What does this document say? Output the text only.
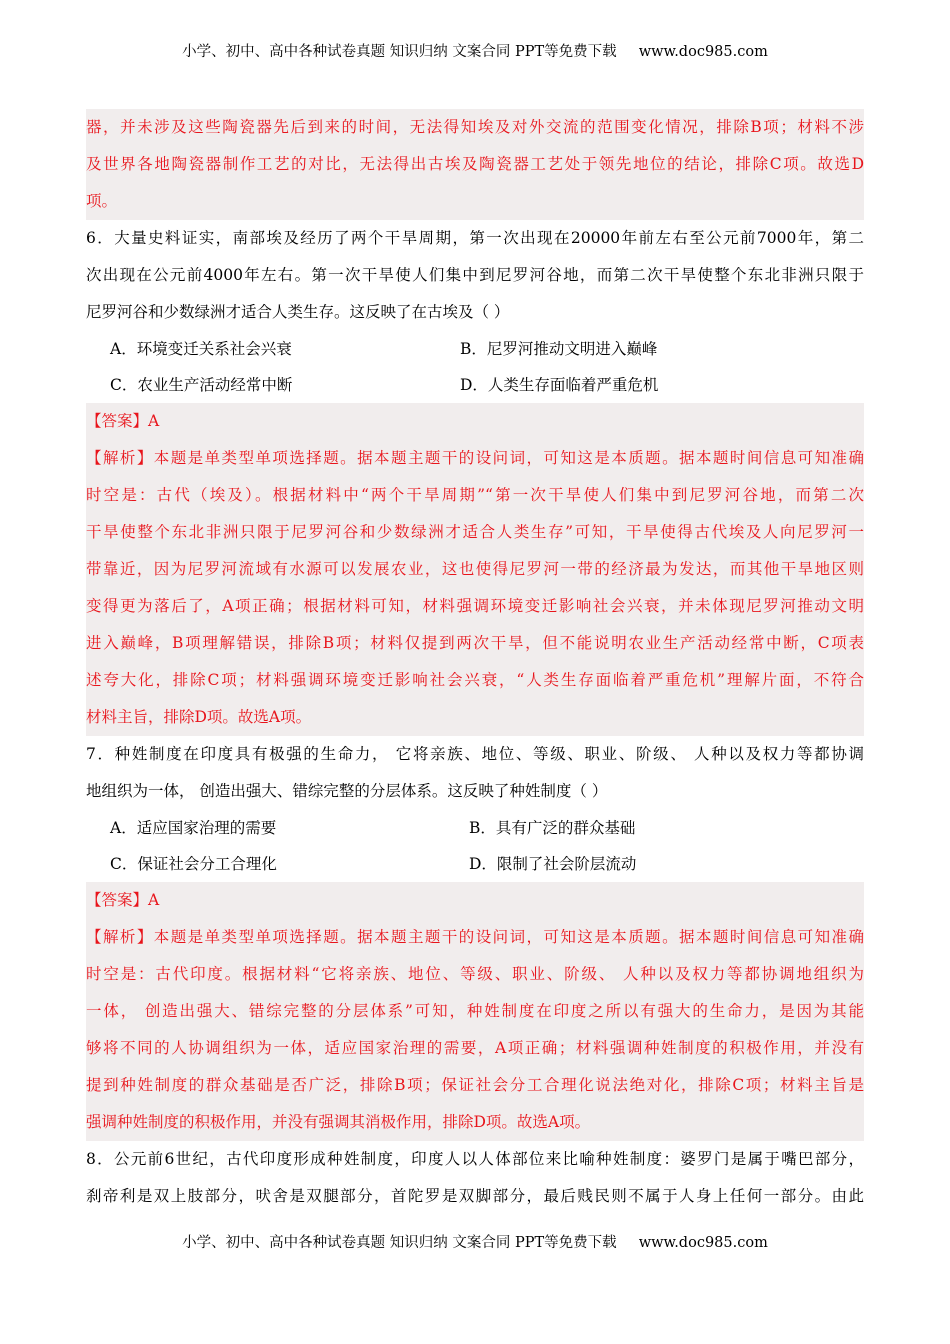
小学、初中、高中各种试卷真题 知识归纳 文案合同 PPT等免费下载 www.doc985.com
器，并未涉及这些陶瓷器先后到来的时间，无法得知埃及对外交流的范围变化情况，排除B项；材料不涉
及世界各地陶瓷器制作工艺的对比，无法得出古埃及陶瓷器工艺处于领先地位的结论，排除C项。故选D
项。
6．大量史料证实，南部埃及经历了两个干旱周期，第一次出现在20000年前左右至公元前7000年，第二
次出现在公元前4000年左右。第一次干旱使人们集中到尼罗河谷地，而第二次干旱使整个东北非洲只限于
尼罗河谷和少数绿洲才适合人类生存。这反映了在古埃及（ ）
A．环境变迁关系社会兴衰	B．尼罗河推动文明进入巅峰
C．农业生产活动经常中断	D．人类生存面临着严重危机
【答案】A
【解析】本题是单类型单项选择题。据本题主题干的设问词，可知这是本质题。据本题时间信息可知准确
时空是：古代（埃及）。根据材料中“两个干旱周期”“第一次干旱使人们集中到尼罗河谷地，而第二次
干旱使整个东北非洲只限于尼罗河谷和少数绿洲才适合人类生存”可知，干旱使得古代埃及人向尼罗河一
带靠近，因为尼罗河流域有水源可以发展农业，这也使得尼罗河一带的经济最为发达，而其他干旱地区则
变得更为落后了，A项正确；根据材料可知，材料强调环境变迁影响社会兴衰，并未体现尼罗河推动文明
进入巅峰，B项理解错误，排除B项；材料仅提到两次干旱，但不能说明农业生产活动经常中断，C项表
述夸大化，排除C项；材料强调环境变迁影响社会兴衰，“人类生存面临着严重危机”理解片面，不符合
材料主旨，排除D项。故选A项。
7．种姓制度在印度具有极强的生命力， 它将亲族、地位、等级、职业、阶级、 人种以及权力等都协调
地组织为一体， 创造出强大、错综完整的分层体系。这反映了种姓制度（ ）
A．适应国家治理的需要	B．具有广泛的群众基础
C．保证社会分工合理化	D．限制了社会阶层流动
【答案】A
【解析】本题是单类型单项选择题。据本题主题干的设问词，可知这是本质题。据本题时间信息可知准确
时空是：古代印度。根据材料“它将亲族、地位、等级、职业、阶级、 人种以及权力等都协调地组织为
一体， 创造出强大、错综完整的分层体系”可知，种姓制度在印度之所以有强大的生命力，是因为其能
够将不同的人协调组织为一体，适应国家治理的需要，A项正确；材料强调种姓制度的积极作用，并没有
提到种姓制度的群众基础是否广泛，排除B项；保证社会分工合理化说法绝对化，排除C项；材料主旨是
强调种姓制度的积极作用，并没有强调其消极作用，排除D项。故选A项。
8．公元前6世纪，古代印度形成种姓制度，印度人以人体部位来比喻种姓制度：婆罗门是属于嘴巴部分，
刹帝利是双上肢部分，吠舍是双腿部分，首陀罗是双脚部分，最后贱民则不属于人身上任何一部分。由此
小学、初中、高中各种试卷真题 知识归纳 文案合同 PPT等免费下载 www.doc985.com
